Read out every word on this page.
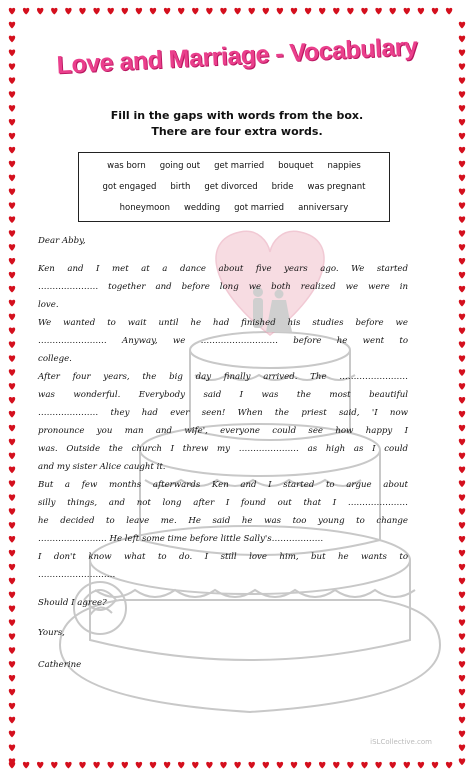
Love and Marriage - Vocabulary
Fill in the gaps with words from the box.
There are four extra words.
was born going out get married bouquet nappies
got engaged birth get divorced bride was pregnant
honeymoon wedding got married anniversary
Dear Abby,
Ken and I met at a dance about five years ago. We started
………………… together and before long we both realized we were in
love.
We wanted to wait until he had finished his studies before we
…………………… Anyway, we ……………………… before he went to
college.
After four years, the big day finally arrived. The ……………………
was wonderful. Everybody said I was the most beautiful
………………… they had ever seen! When the priest said, 'I now
pronounce you man and wife', everyone could see how happy I
was. Outside the church I threw my ………………… as high as I could
and my sister Alice caught it.
But a few months afterwards Ken and I started to argue about
silly things, and not long after I found out that I …………………
he decided to leave me. He said he was too young to change
…………………… He left some time before little Sally's………………
I don't know what to do. I still love him, but he wants to
………………………
Should I agree?
Yours,
Catherine
iSLCollective.com
